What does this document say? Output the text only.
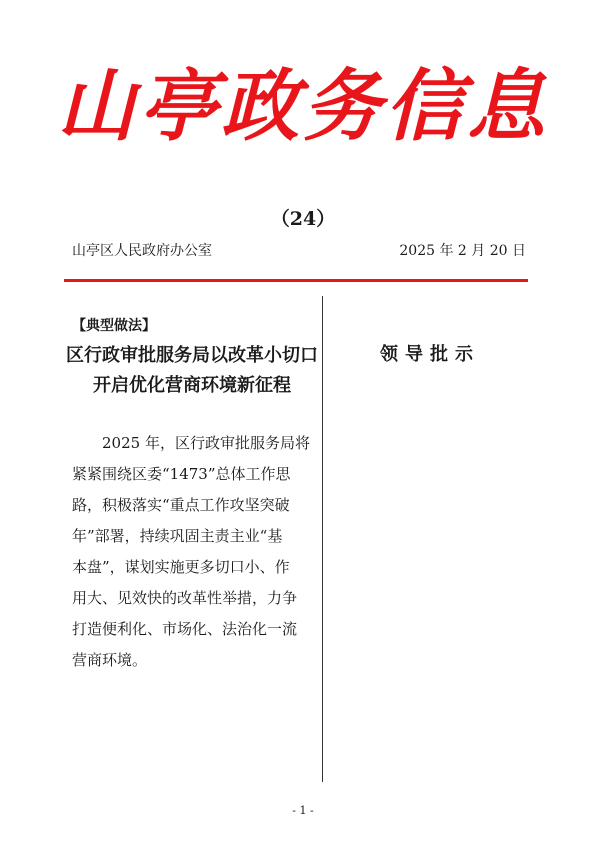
山亭政务信息
（24）
山亭区人民政府办公室	2025 年 2 月 20 日
【典型做法】
区行政审批服务局以改革小切口
开启优化营商环境新征程
　　2025 年，区行政审批服务局将
紧紧围绕区委“1473”总体工作思
路，积极落实“重点工作攻坚突破
年”部署，持续巩固主责主业“基
本盘”，谋划实施更多切口小、作
用大、见效快的改革性举措，力争
打造便利化、市场化、法治化一流
营商环境。
领导批示
- 1 -
